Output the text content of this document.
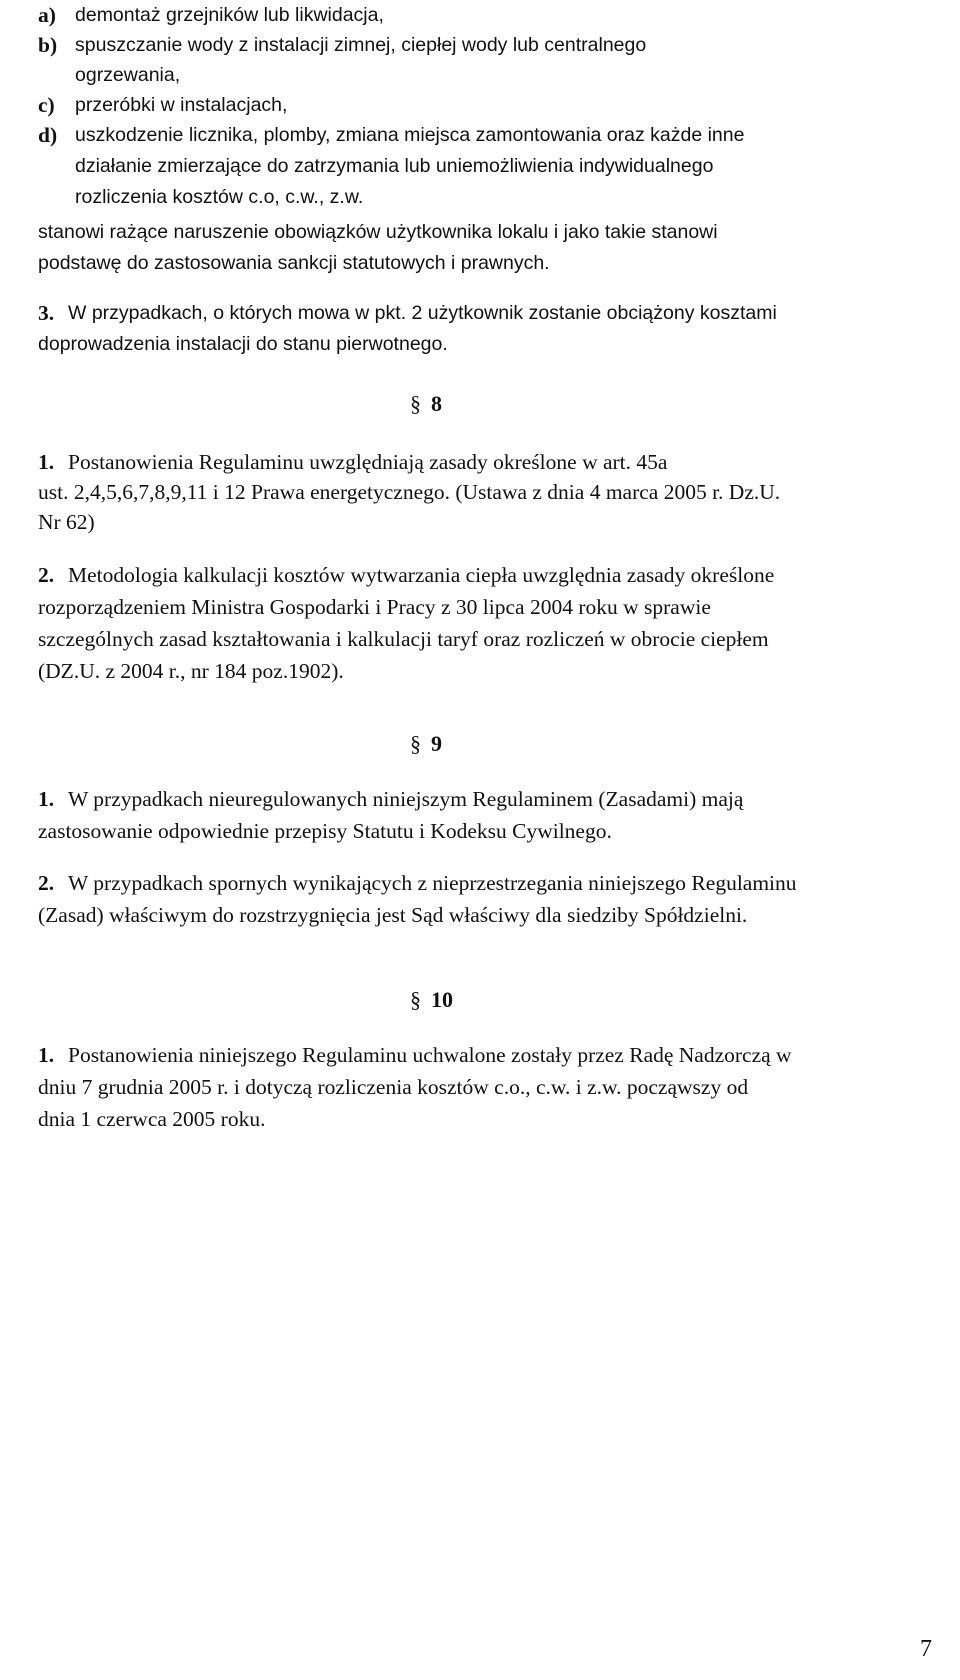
a) demontaż grzejników lub likwidacja,
b) spuszczanie wody z instalacji zimnej, ciepłej wody lub centralnego
ogrzewania,
c) przeróbki w instalacjach,
d) uszkodzenie licznika, plomby, zmiana miejsca zamontowania oraz każde inne
działanie zmierzające do zatrzymania lub uniemożliwienia indywidualnego
rozliczenia kosztów c.o, c.w., z.w.
stanowi rażące naruszenie obowiązków użytkownika lokalu i jako takie stanowi
podstawę do zastosowania sankcji statutowych i prawnych.
3. W przypadkach, o których mowa w pkt. 2 użytkownik zostanie obciążony kosztami
doprowadzenia instalacji do stanu pierwotnego.
§ 8
1. Postanowienia Regulaminu uwzględniają zasady określone w art. 45a
ust. 2,4,5,6,7,8,9,11 i 12 Prawa energetycznego. (Ustawa z dnia 4 marca 2005 r. Dz.U.
Nr 62)
2. Metodologia kalkulacji kosztów wytwarzania ciepła uwzględnia zasady określone
rozporządzeniem Ministra Gospodarki i Pracy z 30 lipca 2004 roku w sprawie
szczególnych zasad kształtowania i kalkulacji taryf oraz rozliczeń w obrocie ciepłem
(DZ.U. z 2004 r., nr 184 poz.1902).
§ 9
1. W przypadkach nieuregulowanych niniejszym Regulaminem (Zasadami) mają
zastosowanie odpowiednie przepisy Statutu i Kodeksu Cywilnego.
2. W przypadkach spornych wynikających z nieprzestrzegania niniejszego Regulaminu
(Zasad) właściwym do rozstrzygnięcia jest Sąd właściwy dla siedziby Spółdzielni.
§ 10
1. Postanowienia niniejszego Regulaminu uchwalone zostały przez Radę Nadzorczą w
dniu 7 grudnia 2005 r. i dotyczą rozliczenia kosztów c.o., c.w. i z.w. począwszy od
dnia 1 czerwca 2005 roku.
7
